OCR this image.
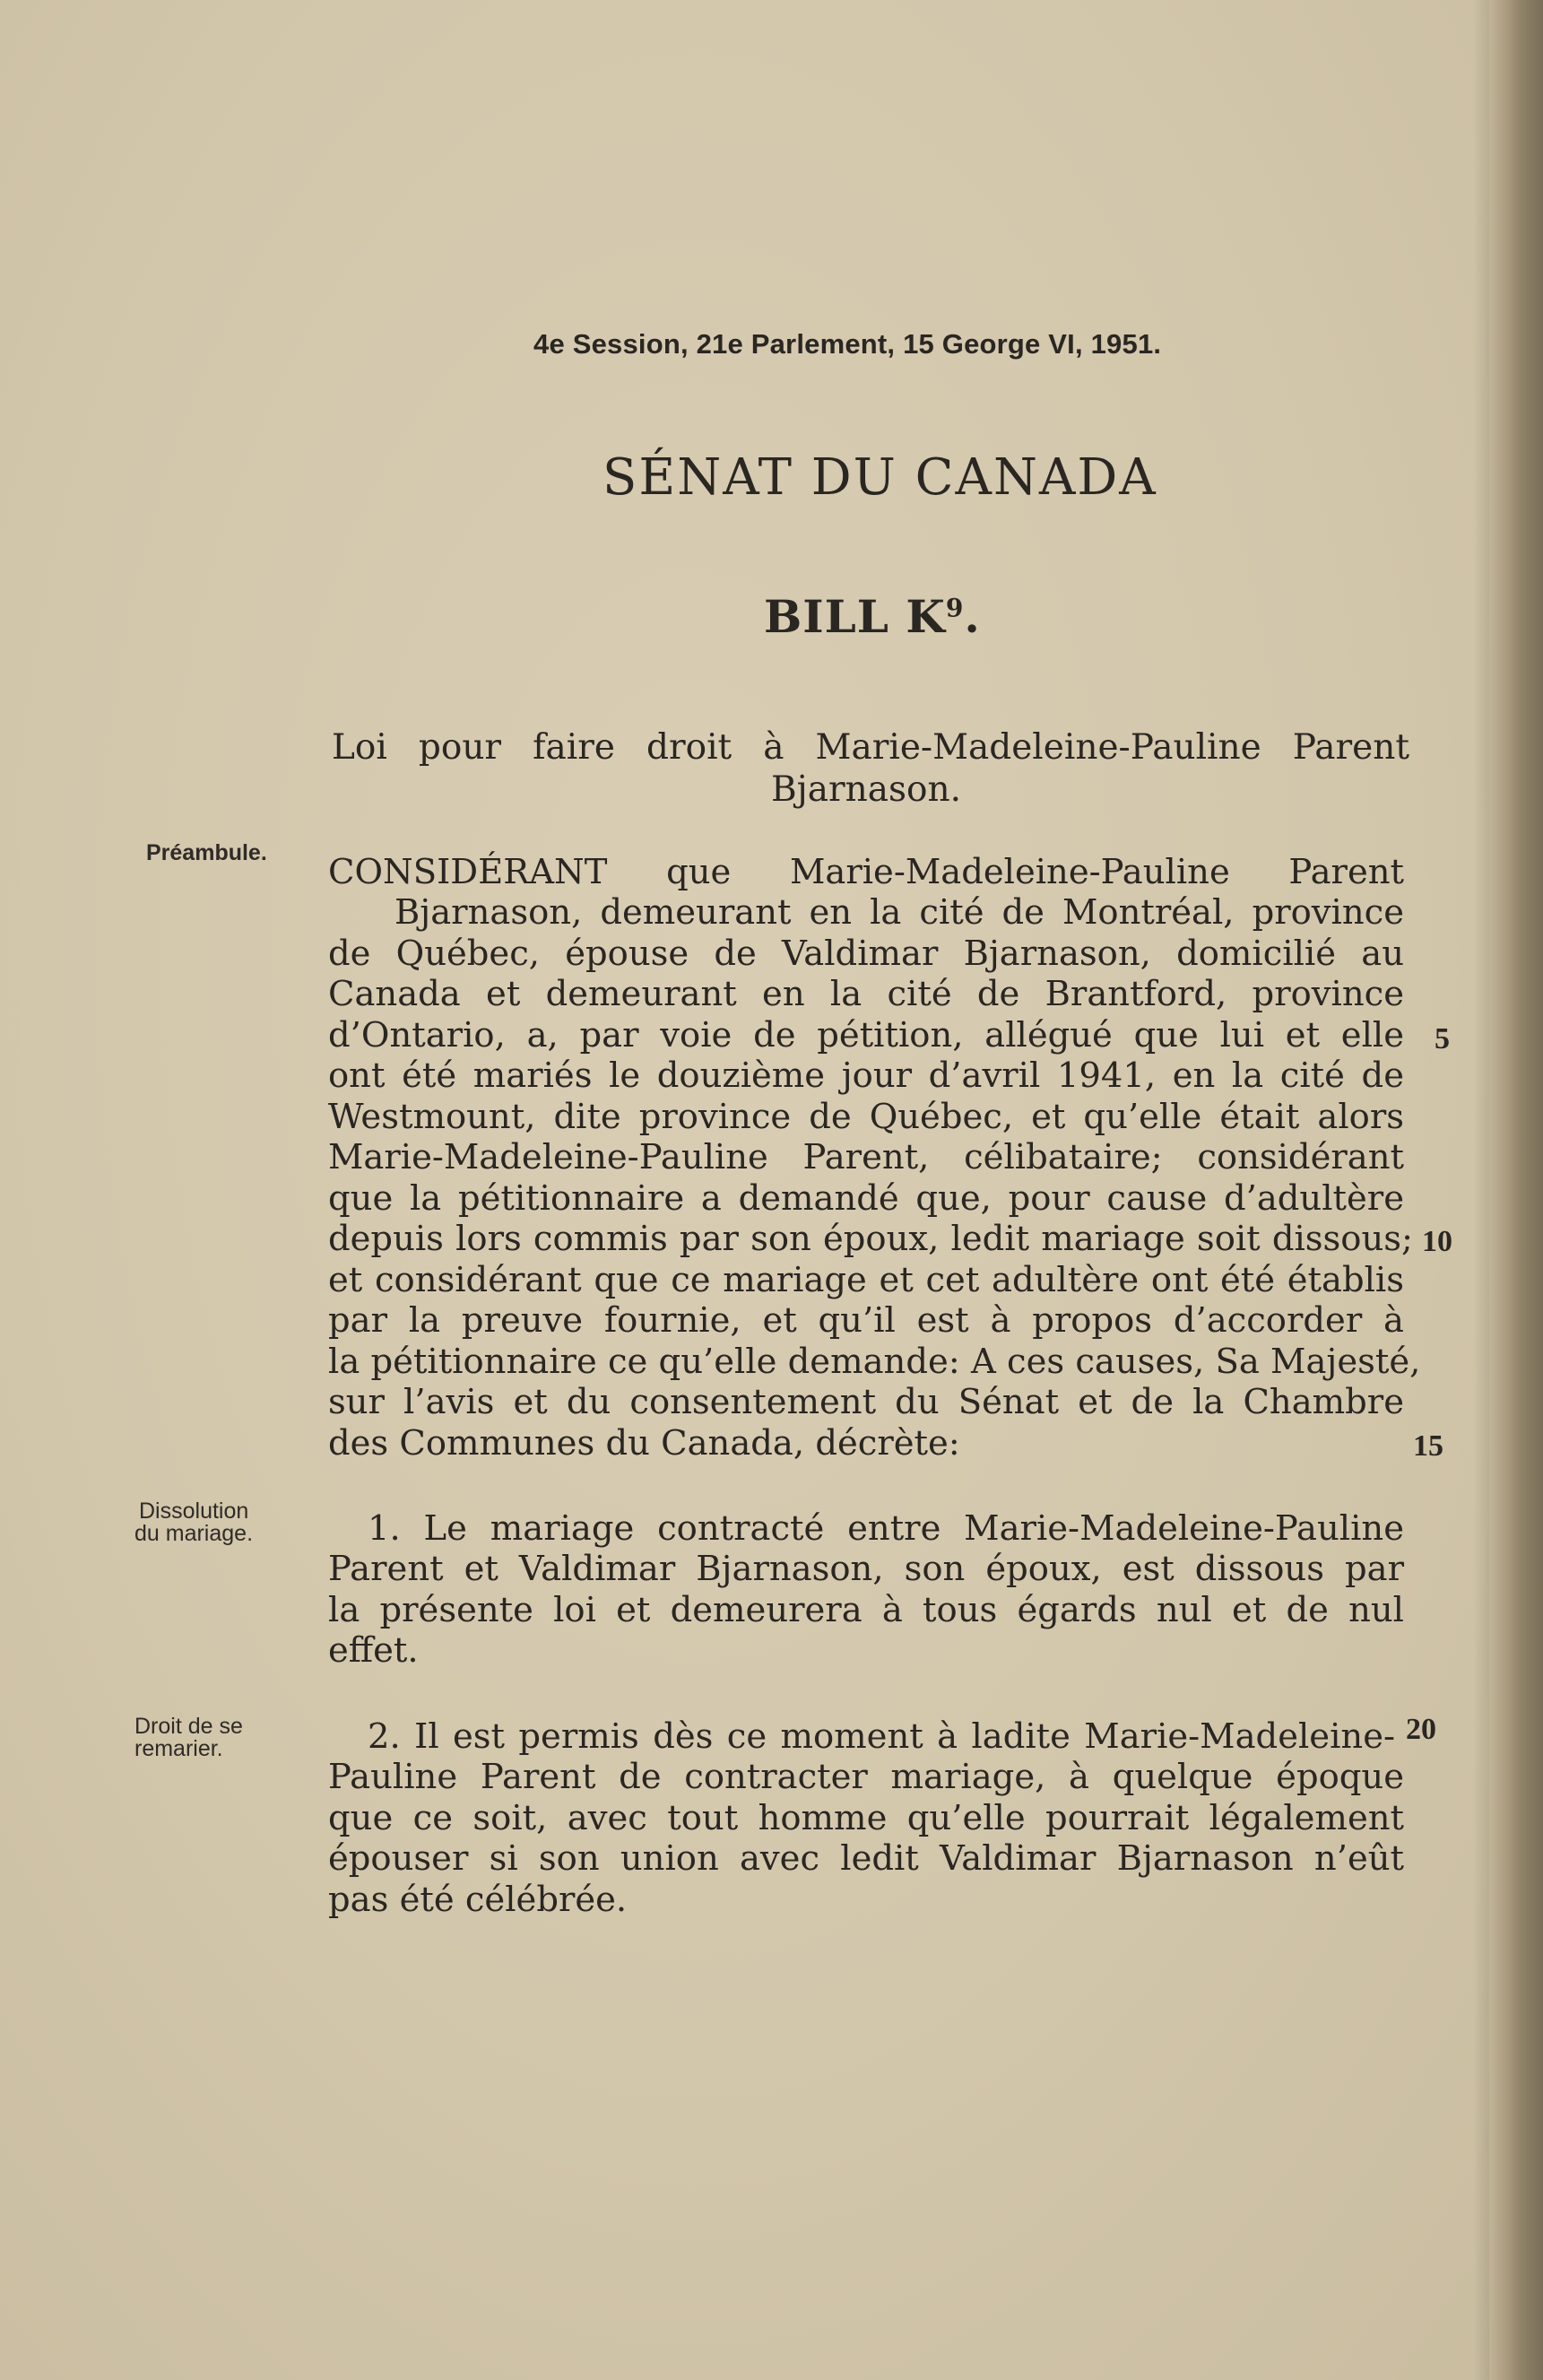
4e Session, 21e Parlement, 15 George VI, 1951.
SÉNAT DU CANADA
BILL $K^9$.
Loi pour faire droit à Marie-Madeleine-Pauline Parent
Bjarnason.
Préambule.
Dissolution
du mariage.
Droit de se
remarier.
CONSIDÉRANT que Marie-Madeleine-Pauline Parent
Bjarnason, demeurant en la cité de Montréal, province
de Québec, épouse de Valdimar Bjarnason, domicilié au
Canada et demeurant en la cité de Brantford, province
d’Ontario, a, par voie de pétition, allégué que lui et elle
ont été mariés le douzième jour d’avril 1941, en la cité de
Westmount, dite province de Québec, et qu’elle était alors
Marie-Madeleine-Pauline Parent, célibataire; considérant
que la pétitionnaire a demandé que, pour cause d’adultère
depuis lors commis par son époux, ledit mariage soit dissous;
et considérant que ce mariage et cet adultère ont été établis
par la preuve fournie, et qu’il est à propos d’accorder à
la pétitionnaire ce qu’elle demande: A ces causes, Sa Majesté,
sur l’avis et du consentement du Sénat et de la Chambre
des Communes du Canada, décrète:
1. Le mariage contracté entre Marie-Madeleine-Pauline
Parent et Valdimar Bjarnason, son époux, est dissous par
la présente loi et demeurera à tous égards nul et de nul
effet.
2. Il est permis dès ce moment à ladite Marie-Madeleine-
Pauline Parent de contracter mariage, à quelque époque
que ce soit, avec tout homme qu’elle pourrait légalement
épouser si son union avec ledit Valdimar Bjarnason n’eût
pas été célébrée.
5
10
15
20
